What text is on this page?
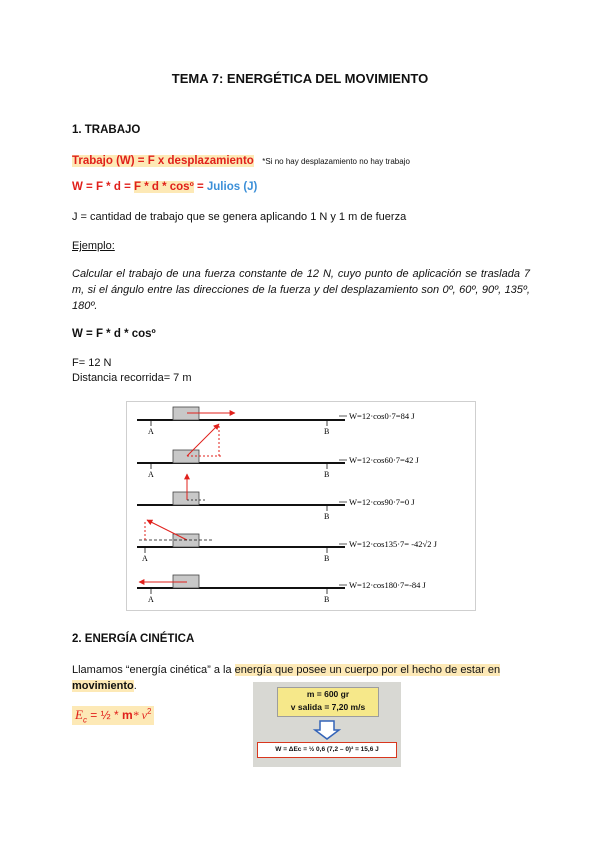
TEMA 7: ENERGÉTICA DEL MOVIMIENTO
1. TRABAJO
Trabajo (W) = F x desplazamiento *Si no hay desplazamiento no hay trabajo
W = F * d = F * d * cosº = Julios (J)
J = cantidad de trabajo que se genera aplicando 1 N y 1 m de fuerza
Ejemplo:
Calcular el trabajo de una fuerza constante de 12 N, cuyo punto de aplicación se traslada 7 m, si el ángulo entre las direcciones de la fuerza y del desplazamiento son 0º, 60º, 90º, 135º, 180º.
W = F * d * cosº
F= 12 N
Distancia recorrida= 7 m
A	B
A	B
B
A	B
A	B
W=12·cos0·7=84 J
W=12·cos60·7=42 J
W=12·cos90·7=0 J
W=12·cos135·7= -42√2 J
W=12·cos180·7=-84 J
2. ENERGÍA CINÉTICA
Llamamos “energía cinética” a la energía que posee un cuerpo por el hecho de estar en
movimiento.
$E_c$ = ½ * m* $v^2$
m = 600 gr
v salida = 7,20 m/s
W = ΔEc = ½ 0,6 (7,2 – 0)² = 15,6 J
